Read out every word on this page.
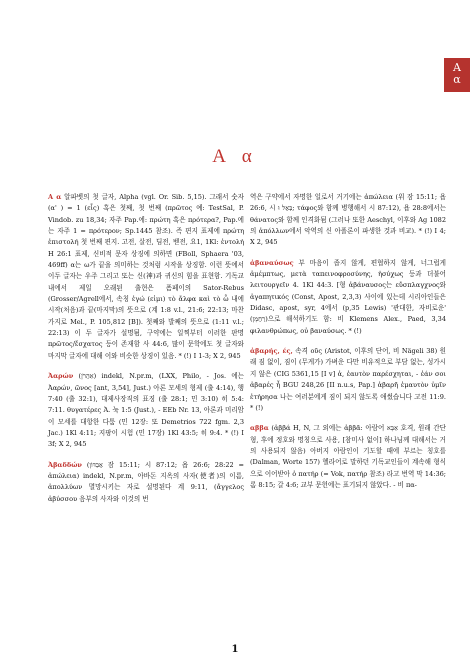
A
α
Α α

Α α 알파벳의 첫 글자, Alpha (vgl. Or. Sib. 5,15). 그래서 숫자 (α' ) = 1 (εἷς) 혹은 첫째, 첫 번째 (πρῶτος 예: TestSal, P. Vindob. zu 18,34; 자주 Pap.에: πρώτη 혹은 πρότερα?, Pap.에는 자주 1 = πρότερον; Sp.1445 참조). 즉 편지 표제에 πρώτη ἐπιστολή 첫 번째 편지. 고전, 살전, 딤전, 벧전, 요1, 1Kl: ἐντολή H 26:1 표제, 신비적 문자 상징에 의하면 (FBoll, Sphaera '03, 469ff) α는 ω가 끝을 의미하는 것처럼 시작을 상징함. 이런 뜻에서 이두 글자는 우주 그리고 또는 신(神)과 귀신의 힘을 표현함. 기독교 내에서 제일 오래된 출현은 폼페이의 Sator-Rebus (Grosser/Agrell에서, 속칭 ἐγώ (εἰμι) τὸ ἄλφα καὶ τὸ ὦ 내에 시작(처음)과 끝(마지막)의 뜻으로 (계 1:8 v.l., 21:6; 22:13; 마찬가지로 Mel., P. 105,812 [B]). 첫째와 발째의 뜻으로 (1:11 v.l.; 22:13) 이 두 글자가 설명됨, 구약에는 일찍부터 이러한 판명 πρῶτος/ἔσχατος 등이 존재함 사 44:6, 많이 문학에도 첫 글자와 마지막 글자에 대해 이와 비슷한 상징이 있음. * (!) I 1-3; X 2, 945

Ἀαρών (אַהֲרֹן) indekl, N.pr.m, (LXX, Philo, - Jos. 에는 Ἀαρών, ῶνος [ant, 3,54], Just.) 아론 모세의 형제 (출 4:14), 행 7:40 (출 32:1), 대제사장직의 표징 (출 28:1; 민 3:10) 히 5:4: 7:11. θυγατέρες Ἀ. 눅 1:5 (Just.), - EEb Nr. 13, 아론과 미리암이 모세를 대항한 다툼 (민 12장: 또 Demetrios 722 fgm. 2,3 Jac.) 1Kl 4:11; 지팡이 시험 (민 17장) 1Kl 43:5; 히 9:4. * (!) I 3f; X 2, 945

Ἀβαδδών (אֲבַדּוֹן 잠 15:11; 시 87:12; 욥 26:6; 28:22 = ἀπώλεια) indekl, N.pr.m, 아바돈 지옥의 사자(使者)의 이름, ἀπολλύων 멸망시키는 자로 설명된다 계 9:11, (ἄγγελος ἀβύσσου 음부의 사자와 이것의 번

역은 구약에서 자명한 일로서 거기에는 ἀπώλεια (위 잠 15:11; 욥 26:6, 시 בְּאֶל וּ; τάφος와 함께 병행해서 시 87:12), 욥 28:8에서는 θάνατος와 함께 인격화됨 (그러나 또한 Aeschyl, 이후와 Ag 1082의 ἀπόλλων에서 악역의 신 아폴론이 파생한 것과 비교). * (!) I 4; X 2, 945

ἀβαναύσως 부 마음이 좁지 않게, 편협하지 않게, 너그럽게 ἀμέμπτως, μετὰ ταπεινοφροσύνης, ἡσύχως 등과 더불어 λειτουργεῖν 4. 1Kl 44:3. [형 ἀβάναυσος는 εὔσπλαγχνος와 ἀγαπητικός (Const, Apost, 2,3,3) 사이에 있는데 시리아인들은 Didasc, apost, syr, 4에서 (p,35 Lewis) '관대한, 자비로운' (רַחֲמָן)으로 해석하기도 함: 비 Klemens Alex., Paed, 3,34 φιλανθρώπως, οὐ βαναύσως. * (!)

ἀβαρής, ές, 속격 οῦς (Aristot, 이후의 단어, 비 Nägeli 38) 원래 짐 없이, 짐이 (무게가) 가벼운 다만 비유적으로 부담 없는, 성가시지 않은 (CIG 5361,15 [I v] ἀ, ἑαυτὸν παρέσχηται, - ἐάν σοι ἀβαρές ἧ BGU 248,26 [II n.u.s, Pap.] ἀβαρῆ ἐμαυτὸν ὑμῖν ἐτήρησα 나는 여러분에게 짐이 되지 않도록 애썼습니다 고전 11:9. * (!)

αββα (ἀββά H, N, 그 외에는 ἀββᾶ: 아람어 אַבָּא 호격, 원래 간단형, 후에 정호와 명칭으로 사용, [참미사 없이] 하나님께 대해서는 거의 사용되지 않음) 아버지 아람인이 기도할 때에 부르는 칭호를 (Dalman, Worte 157) 헬라어로 말하던 기독교인들이 계속해 형식으로 이어받아 ὁ πατήρ (= Vok, πατήρ 참조) 라고 번역 막 14:36; 롬 8:15; 갈 4:6; 교부 문헌에는 표기되지 않았다. - 비 πα-

1
